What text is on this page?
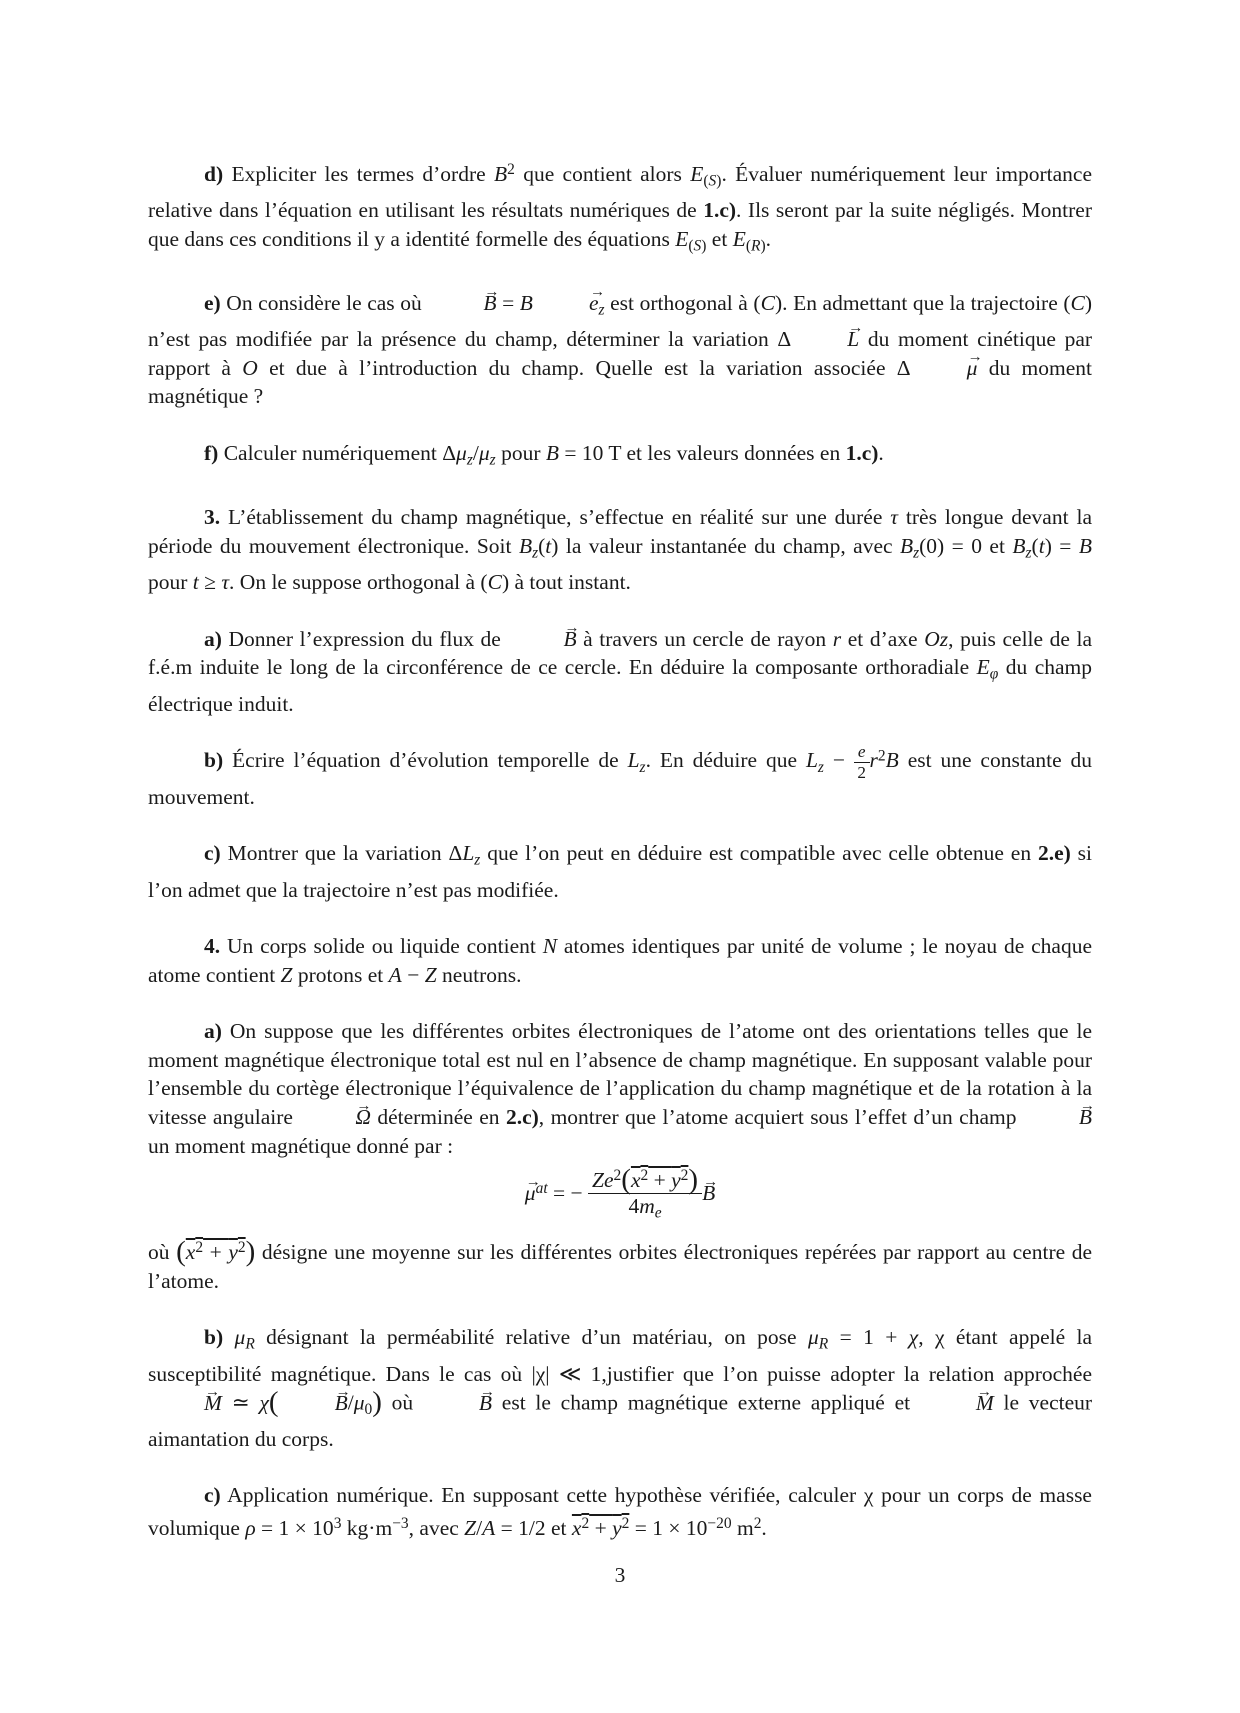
d) Expliciter les termes d’ordre $B^2$ que contient alors $E_{(S)}$. Évaluer numériquement leur importance relative dans l’équation en utilisant les résultats numériques de 1.c). Ils seront par la suite négligés. Montrer que dans ces conditions il y a identité formelle des équations $E_{(S)}$ et $E_{(R)}$.

e) On considère le cas où	→ B = B	→ $e_z$ est orthogonal à (C). En admettant que la trajectoire (C) n’est pas modifiée par la présence du champ, déterminer la variation Δ	→ L du moment cinétique par rapport à O et due à l’introduction du champ. Quelle est la variation associée Δ	→ μ du moment magnétique ?

f) Calculer numériquement $\Delta\mu_z/\mu_z$ pour B = 10 T et les valeurs données en 1.c).

3. L’établissement du champ magnétique, s’effectue en réalité sur une durée τ très longue devant la période du mouvement électronique. Soit $B_z(t)$ la valeur instantanée du champ, avec $B_z(0) = 0$ et $B_z(t) = B$ pour t ≥ τ. On le suppose orthogonal à (C) à tout instant.

a) Donner l’expression du flux de	→ B à travers un cercle de rayon r et d’axe Oz, puis celle de la f.é.m induite le long de la circonférence de ce cercle. En déduire la composante orthoradiale $E_\varphi$ du champ électrique induit.

b) Écrire l’équation d’évolution temporelle de $L_z$. En déduire que $L_z - \frac{e}{2} r^2B$ est une constante du mouvement.

c) Montrer que la variation $\Delta L_z$ que l’on peut en déduire est compatible avec celle obtenue en 2.e) si l’on admet que la trajectoire n’est pas modifiée.

4. Un corps solide ou liquide contient N atomes identiques par unité de volume ; le noyau de chaque atome contient Z protons et A − Z neutrons.

a) On suppose que les différentes orbites électroniques de l’atome ont des orientations telles que le moment magnétique électronique total est nul en l’absence de champ magnétique. En supposant valable pour l’ensemble du cortège électronique l’équivalence de l’application du champ magnétique et de la rotation à la vitesse angulaire	→ Ω déterminée en 2.c), montrer que l’atome acquiert sous l’effet d’un champ	→ B un moment magnétique donné par :

→ $\mu^{at}$ = − $\frac{Ze^2(x^2 + y^2)}{4m_e} \to B$

où $(x^2 + y^2)$ désigne une moyenne sur les différentes orbites électroniques repérées par rapport au centre de l’atome.

b) $\mu_R$ désignant la perméabilité relative d’un matériau, on pose $\mu_R = 1 + \chi$, χ étant appelé la susceptibilité magnétique. Dans le cas où |χ| ≪ 1,justifier que l’on puisse adopter la relation approchée → M ≃ χ(	→ $B/\mu_0$) où	→ B est le champ magnétique externe appliqué et	→ M le vecteur aimantation du corps.

c) Application numérique. En supposant cette hypothèse vérifiée, calculer χ pour un corps de masse volumique $\rho = 1 \times 10^3$ $kg\cdot m^{-3}$, avec Z/A = 1/2 et $x^2 + y^2 = 1 \times 10^{-20}$ $m^2$.

3
